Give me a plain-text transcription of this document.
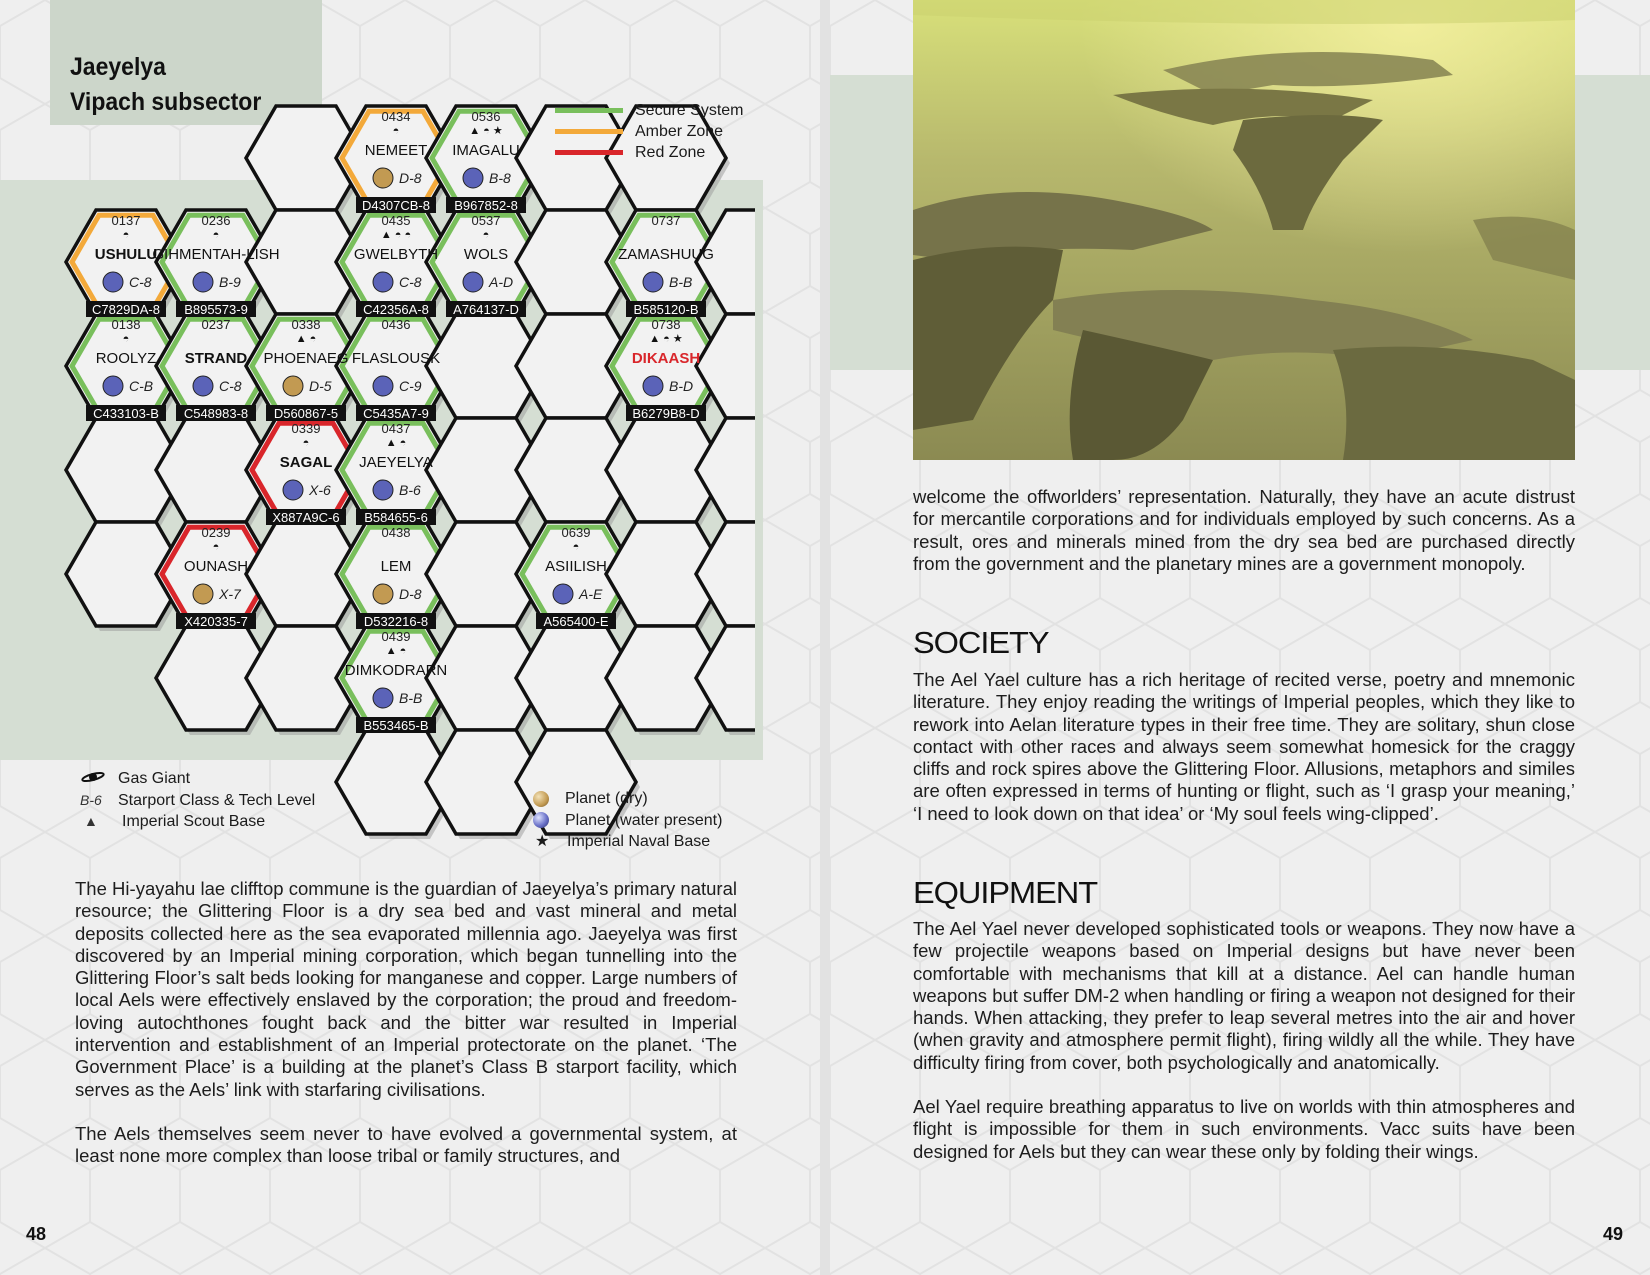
Jaeyelya
Vipach subsector
0137
◓
USHULU
C-8
C7829DA-8
0138
◓
ROOLYZ
C-B
C433103-B
0236
◓
GIHMENTAH-LISH
B-9
B895573-9
0237
STRAND
C-8
C548983-8
0239
◓
OUNASH
X-7
X420335-7
0338
▲ ◓
PHOENAEG
D-5
D560867-5
0339
◓
SAGAL
X-6
X887A9C-6
0434
◓
NEMEET
D-8
D4307CB-8
0435
▲ ◓ ◓
GWELBYTH
C-8
C42356A-8
0436
FLASLOUSK
C-9
C5435A7-9
0437
▲ ◓
JAEYELYA
B-6
B584655-6
0438
LEM
D-8
D532216-8
0439
▲ ◓
DIMKODRARN
B-B
B553465-B
0536
▲ ◓ ★
IMAGALU
B-8
B967852-8
0537
◓
WOLS
A-D
A764137-D
0639
◓
ASIILISH
A-E
A565400-E
0737
ZAMASHUUG
B-B
B585120-B
0738
▲ ◓ ★
DIKAASH
B-D
B6279B8-D
Secure System
Amber Zone
Red Zone
Gas Giant
B-6	Starport Class & Tech Level
▲	Imperial Scout Base
Planet (dry)
Planet (water present)
★	Imperial Naval Base

The Hi-yayahu lae clifftop commune is the guardian of Jaeyelya’s primary natural resource; the Glittering Floor is a dry sea bed and vast mineral and metal deposits collected here as the sea evaporated millennia ago. Jaeyelya was first discovered by an Imperial mining corporation, which began tunnelling into the Glittering Floor’s salt beds looking for manganese and copper. Large numbers of local Aels were effectively enslaved by the corporation; the proud and freedom-loving autochthones fought back and the bitter war resulted in Imperial intervention and establishment of an Imperial protectorate on the planet. ‘The Government Place’ is a building at the planet’s Class B starport facility, which serves as the Aels’ link with starfaring civilisations.

The Aels themselves seem never to have evolved a governmental system, at least none more complex than loose tribal or family structures, and

48
welcome the offworlders’ representation. Naturally, they have an acute distrust for mercantile corporations and for individuals employed by such concerns. As a result, ores and minerals mined from the dry sea bed are purchased directly from the government and the planetary mines are a government monopoly.
SOCIETY
The Ael Yael culture has a rich heritage of recited verse, poetry and mnemonic literature. They enjoy reading the writings of Imperial peoples, which they like to rework into Aelan literature types in their free time. They are solitary, shun close contact with other races and always seem somewhat homesick for the craggy cliffs and rock spires above the Glittering Floor. Allusions, metaphors and similes are often expressed in terms of hunting or flight, such as ‘I grasp your meaning,’ ‘I need to look down on that idea’ or ‘My soul feels wing-clipped’.
EQUIPMENT

The Ael Yael never developed sophisticated tools or weapons. They now have a few projectile weapons based on Imperial designs but have never been comfortable with mechanisms that kill at a distance. Ael can handle human weapons but suffer DM-2 when handling or firing a weapon not designed for their hands. When attacking, they prefer to leap several metres into the air and hover (when gravity and atmosphere permit flight), firing wildly all the while. They have difficulty firing from cover, both psychologically and anatomically.

Ael Yael require breathing apparatus to live on worlds with thin atmospheres and flight is impossible for them in such environments. Vacc suits have been designed for Aels but they can wear these only by folding their wings.

49
